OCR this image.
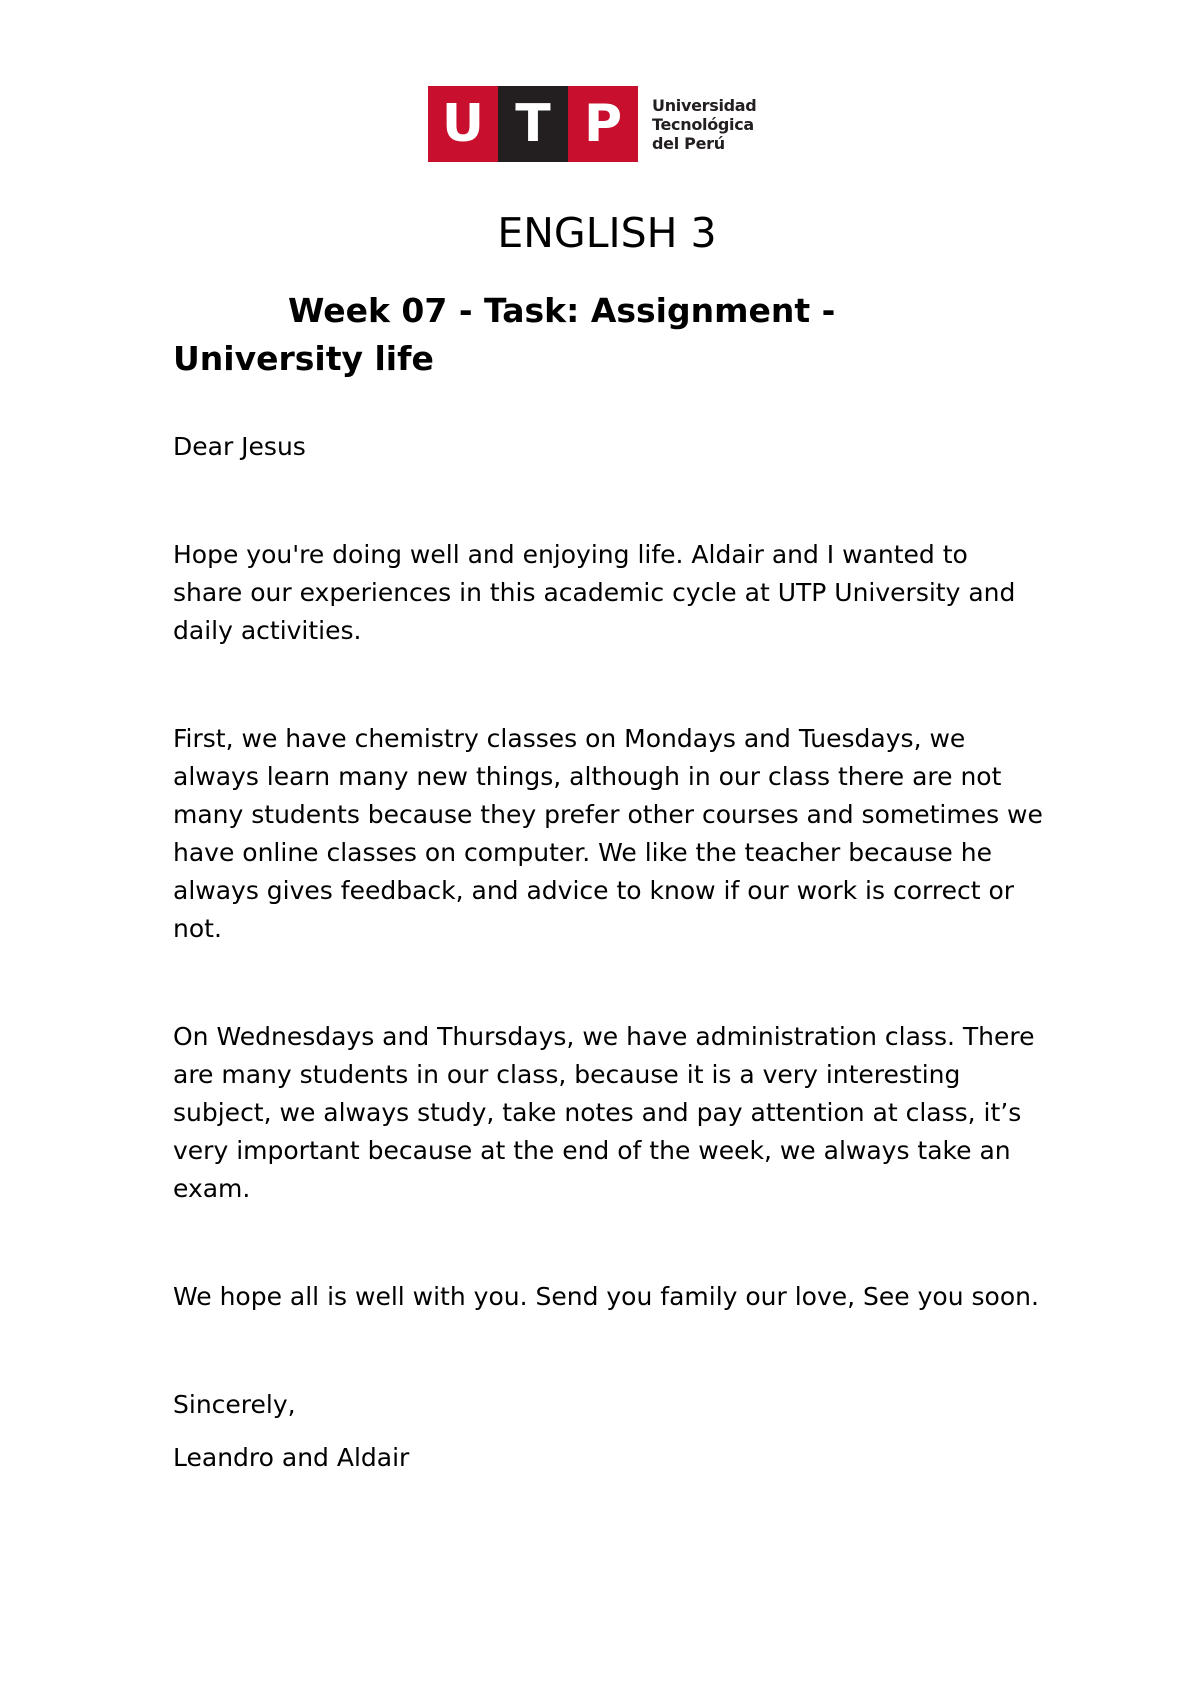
U T P	Universidad
Tecnológica
del Perú
ENGLISH 3
Week 07 - Task: Assignment - University life

Dear Jesus

Hope you're doing well and enjoying life. Aldair and I wanted to share our experiences in this academic cycle at UTP University and daily activities.

First, we have chemistry classes on Mondays and Tuesdays, we always learn many new things, although in our class there are not many students because they prefer other courses and sometimes we have online classes on computer. We like the teacher because he always gives feedback, and advice to know if our work is correct or not.

On Wednesdays and Thursdays, we have administration class. There are many students in our class, because it is a very interesting subject, we always study, take notes and pay attention at class, it’s very important because at the end of the week, we always take an exam.

We hope all is well with you. Send you family our love, See you soon.

Sincerely,

Leandro and Aldair
